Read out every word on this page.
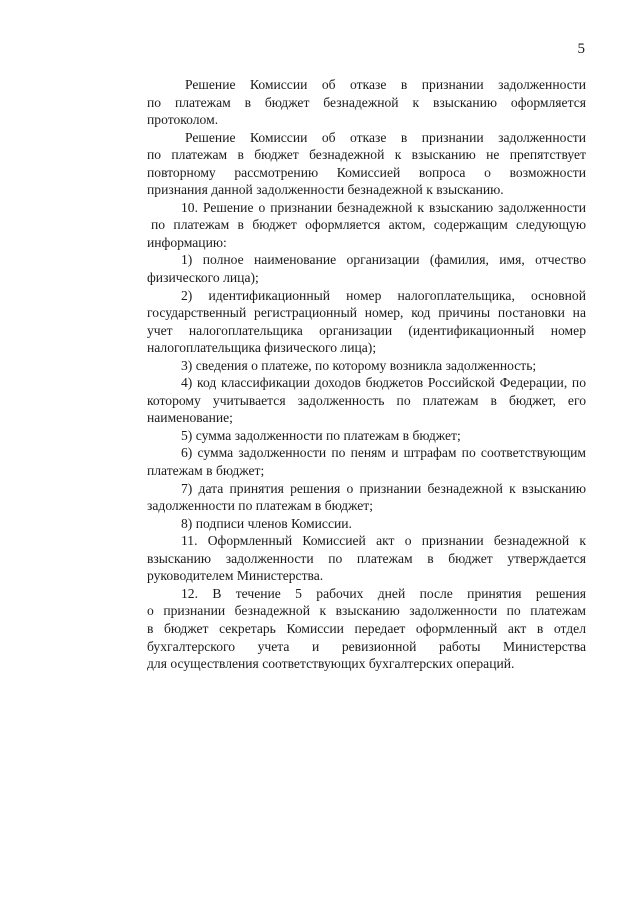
5

Решение Комиссии об отказе в признании задолженности
по платежам в бюджет безнадежной к взысканию оформляется
протоколом.

Решение Комиссии об отказе в признании задолженности
по платежам в бюджет безнадежной к взысканию не препятствует
повторному рассмотрению Комиссией вопроса о возможности
признания данной задолженности безнадежной к взысканию.

10. Решение о признании безнадежной к взысканию задолженности
по платежам в бюджет оформляется актом, содержащим следующую
информацию:

1) полное наименование организации (фамилия, имя, отчество
физического лица);

2) идентификационный номер налогоплательщика, основной
государственный регистрационный номер, код причины постановки на
учет налогоплательщика организации (идентификационный номер
налогоплательщика физического лица);

3) сведения о платеже, по которому возникла задолженность;

4) код классификации доходов бюджетов Российской Федерации, по
которому учитывается задолженность по платежам в бюджет, его
наименование;

5) сумма задолженности по платежам в бюджет;

6) сумма задолженности по пеням и штрафам по соответствующим
платежам в бюджет;

7) дата принятия решения о признании безнадежной к взысканию
задолженности по платежам в бюджет;

8) подписи членов Комиссии.

11. Оформленный Комиссией акт о признании безнадежной к
взысканию задолженности по платежам в бюджет утверждается
руководителем Министерства.

12. В течение 5 рабочих дней после принятия решения
о признании безнадежной к взысканию задолженности по платежам
в бюджет секретарь Комиссии передает оформленный акт в отдел
бухгалтерского учета и ревизионной работы Министерства
для осуществления соответствующих бухгалтерских операций.
